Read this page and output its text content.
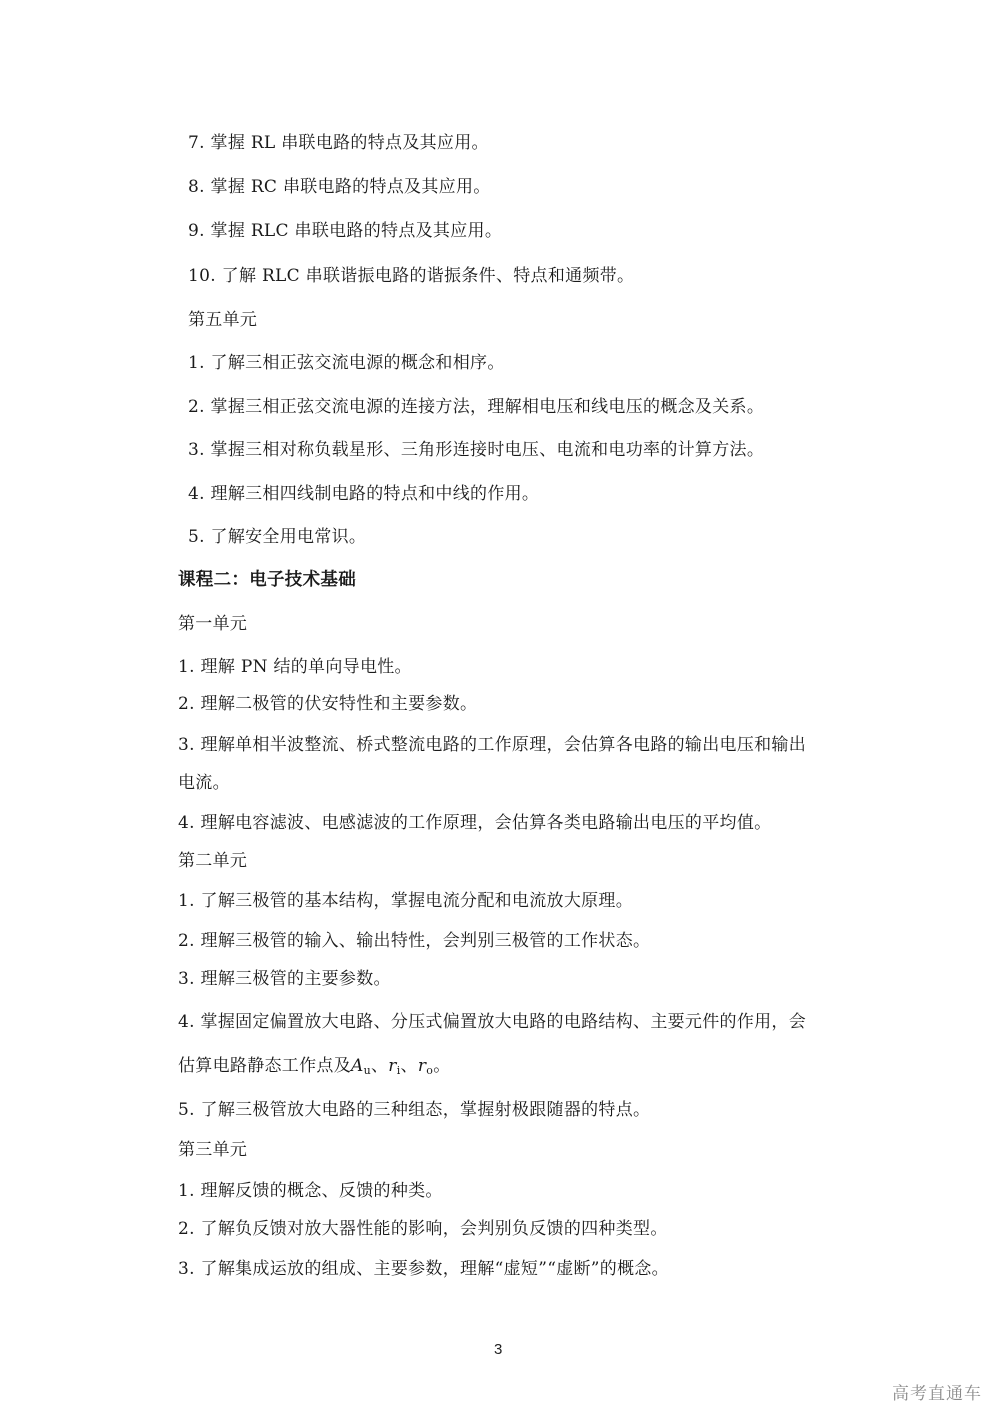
7. 掌握 RL 串联电路的特点及其应用。
8. 掌握 RC 串联电路的特点及其应用。
9. 掌握 RLC 串联电路的特点及其应用。
10. 了解 RLC 串联谐振电路的谐振条件、特点和通频带。
第五单元
1. 了解三相正弦交流电源的概念和相序。
2. 掌握三相正弦交流电源的连接方法，理解相电压和线电压的概念及关系。
3. 掌握三相对称负载星形、三角形连接时电压、电流和电功率的计算方法。
4. 理解三相四线制电路的特点和中线的作用。
5. 了解安全用电常识。
课程二：电子技术基础
第一单元
1. 理解 PN 结的单向导电性。
2. 理解二极管的伏安特性和主要参数。
3. 理解单相半波整流、桥式整流电路的工作原理，会估算各电路的输出电压和输出
电流。
4. 理解电容滤波、电感滤波的工作原理，会估算各类电路输出电压的平均值。
第二单元
1. 了解三极管的基本结构，掌握电流分配和电流放大原理。
2. 理解三极管的输入、输出特性，会判别三极管的工作状态。
3. 理解三极管的主要参数。
4. 掌握固定偏置放大电路、分压式偏置放大电路的电路结构、主要元件的作用，会
估算电路静态工作点及$A_u$、$r_i$、$r_o$。
5. 了解三极管放大电路的三种组态，掌握射极跟随器的特点。
第三单元
1. 理解反馈的概念、反馈的种类。
2. 了解负反馈对放大器性能的影响，会判别负反馈的四种类型。
3. 了解集成运放的组成、主要参数，理解“虚短”“虚断”的概念。
3
高考直通车
